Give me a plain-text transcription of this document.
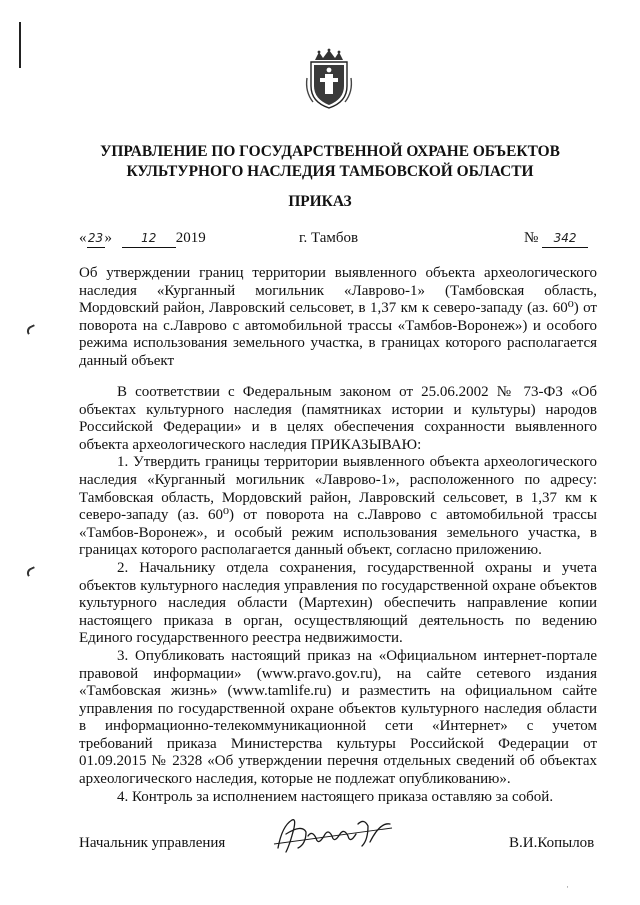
УПРАВЛЕНИЕ ПО ГОСУДАРСТВЕННОЙ ОХРАНЕ ОБЪЕКТОВ
КУЛЬТУРНОГО НАСЛЕДИЯ ТАМБОВСКОЙ ОБЛАСТИ
ПРИКАЗ
«23» 12 2019	г. Тамбов	№ 342
Об утверждении границ территории выявленного объекта археологического наследия «Курганный могильник «Лаврово-1» (Тамбовская область, Мордовский район, Лавровский сельсовет, в 1,37 км к северо-западу (аз. 60⁰) от поворота на с.Лаврово с автомобильной трассы «Тамбов-Воронеж») и особого режима использования земельного участка, в границах которого располагается данный объект

В соответствии с Федеральным законом от 25.06.2002 № 73-ФЗ «Об объектах культурного наследия (памятниках истории и культуры) народов Российской Федерации» и в целях обеспечения сохранности выявленного объекта археологического наследия ПРИКАЗЫВАЮ:

1. Утвердить границы территории выявленного объекта археологического наследия «Курганный могильник «Лаврово-1», расположенного по адресу: Тамбовская область, Мордовский район, Лавровский сельсовет, в 1,37 км к северо-западу (аз. 60⁰) от поворота на с.Лаврово с автомобильной трассы «Тамбов-Воронеж», и особый режим использования земельного участка, в границах которого располагается данный объект, согласно приложению.

2. Начальнику отдела сохранения, государственной охраны и учета объектов культурного наследия управления по государственной охране объектов культурного наследия области (Мартехин) обеспечить направление копии настоящего приказа в орган, осуществляющий деятельность по ведению Единого государственного реестра недвижимости.

3. Опубликовать настоящий приказ на «Официальном интернет-портале правовой информации» (www.pravo.gov.ru), на сайте сетевого издания «Тамбовская жизнь» (www.tamlife.ru) и разместить на официальном сайте управления по государственной охране объектов культурного наследия области в информационно-телекоммуникационной сети «Интернет» с учетом требований приказа Министерства культуры Российской Федерации от 01.09.2015 № 2328 «Об утверждении перечня отдельных сведений об объектах археологического наследия, которые не подлежат опубликованию».

4. Контроль за исполнением настоящего приказа оставляю за собой.

Начальник управления	В.И.Копылов
·
